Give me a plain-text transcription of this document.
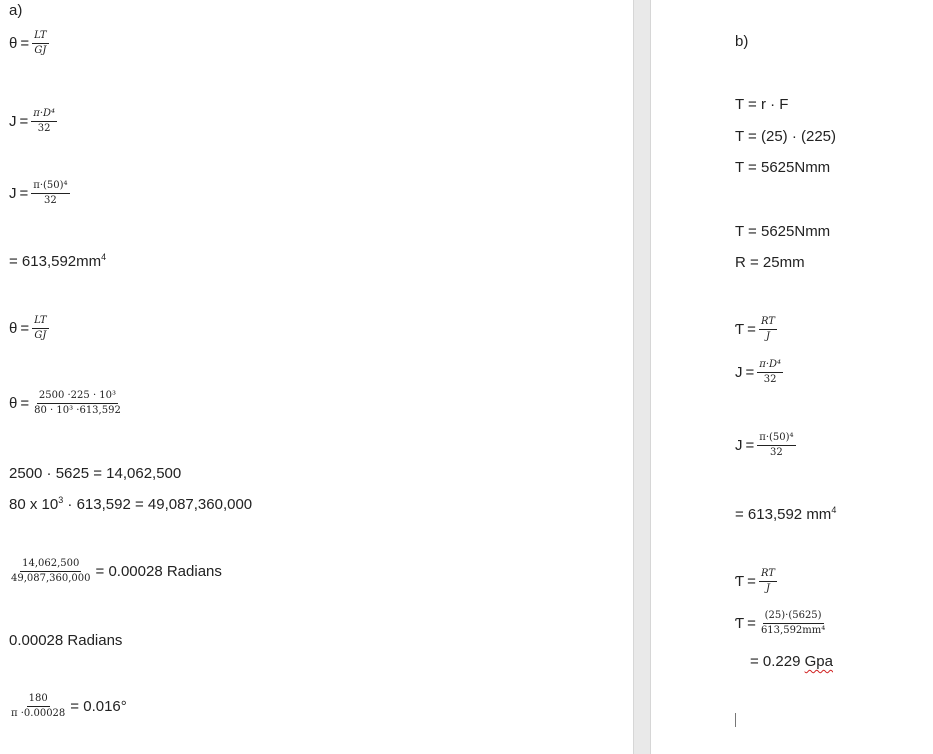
a)
$\theta = \frac{LT}{GJ}$
$J = \frac{\text{π·D⁴}}{32}$
$J = \frac{\text{π·(50)⁴}}{32}$
= $613,592mm^4$
$\theta = \frac{LT}{GJ}$
$\theta = \frac{\text{2500 ·225 · 10³}}{\text{80 · 10³ ·613,592}}$
2500 · 5625 = 14,062,500
80 x $10^3 \cdot 613,592 = 49,087,360,000$
$\frac{14,062,500}{49,087,360,000} = 0.00028$ Radians
0.00028 Radians
$\frac{180}{\pi \cdot 0.00028} = 0.016^\circ$
b)
T = r · F
T = (25) · (225)
T = 5625Nmm
T = 5625Nmm
R = 25mm
Ƭ = $\frac{RT}{J}$
$J = \frac{\text{π·D⁴}}{32}$
$J = \frac{\text{π·(50)⁴}}{32}$
= 613,592 $mm^4$
Ƭ = $\frac{RT}{J}$
Ƭ = $\frac{(25)\cdot(5625)}{\text{613,592mm⁴}}$
= 0.229 Gpa
